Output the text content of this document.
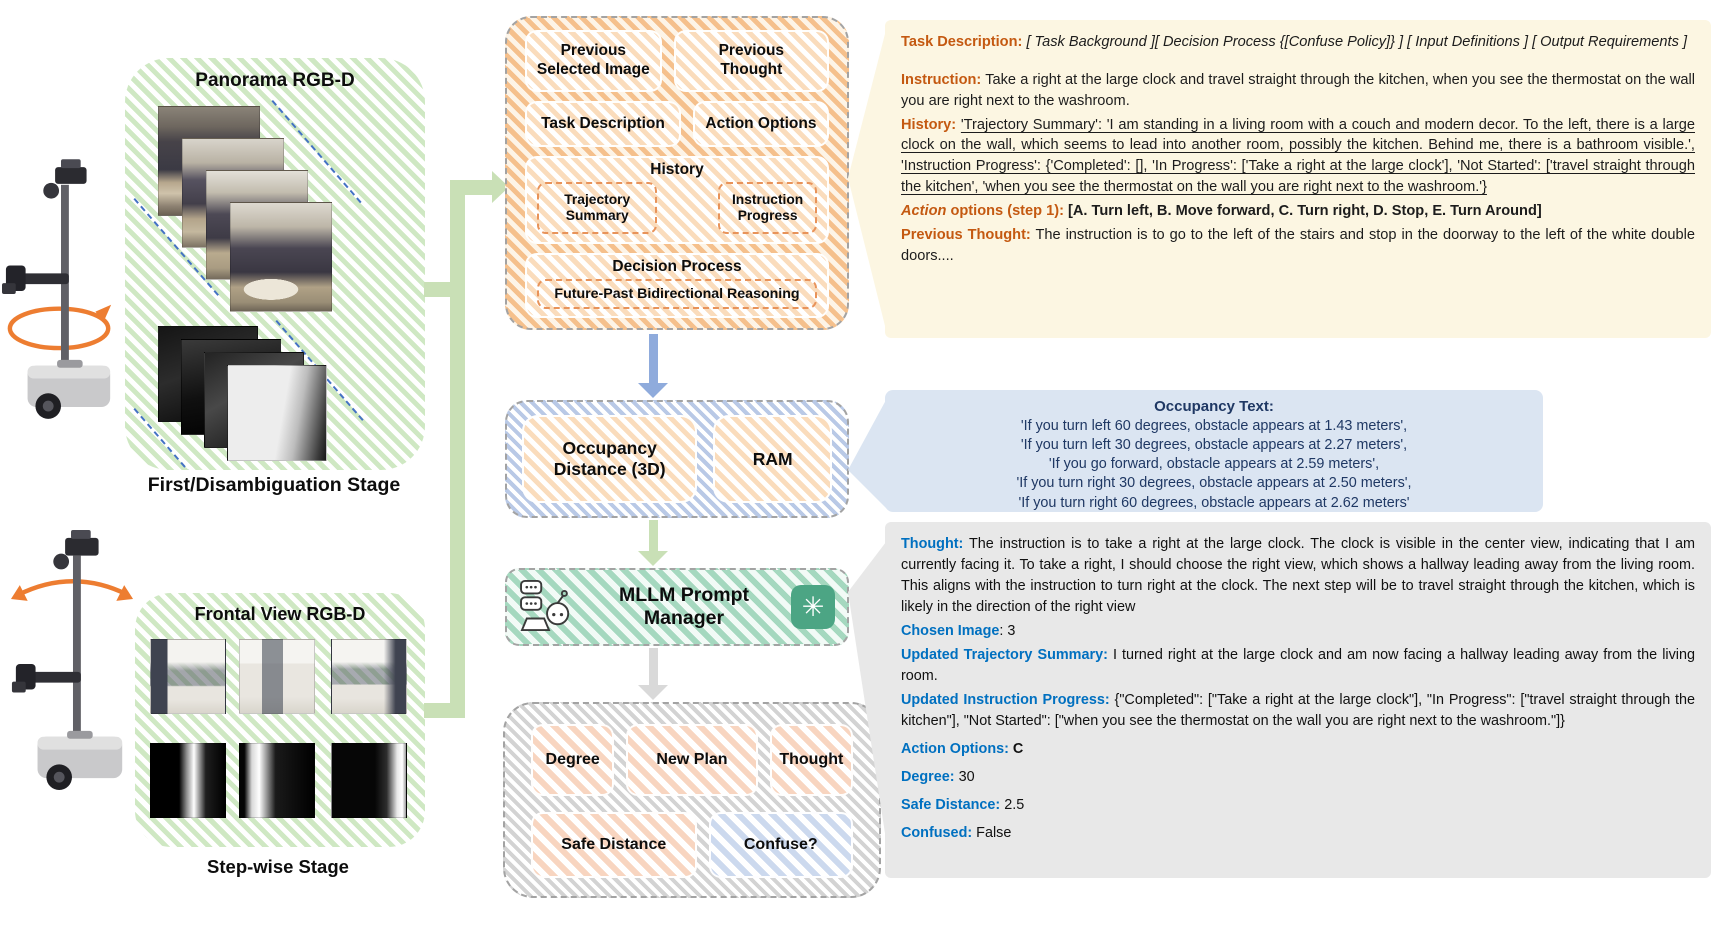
Panorama RGB-D
First/Disambiguation Stage
Frontal View RGB-D
Step-wise Stage
Previous Selected Image
Previous Thought
Task Description	Action Options
History
Trajectory Summary
Instruction Progress
Decision Process
Future-Past Bidirectional Reasoning
Occupancy Distance (3D)
RAM
MLLM Prompt Manager	✳
Degree	New Plan	Thought
Safe Distance	Confuse?

Task Description: [ Task Background ][ Decision Process {[Confuse Policy]} ] [ Input Definitions ] [ Output Requirements ]

Instruction: Take a right at the large clock and travel straight through the kitchen, when you see the thermostat on the wall you are right next to the washroom.

History: 'Trajectory Summary': 'I am standing in a living room with a couch and modern decor. To the left, there is a large clock on the wall, which seems to lead into another room, possibly the kitchen. Behind me, there is a bathroom visible.', 'Instruction Progress': {'Completed': [], 'In Progress': ['Take a right at the large clock'], 'Not Started': ['travel straight through the kitchen', 'when you see the thermostat on the wall you are right next to the washroom.'}

Action options (step 1): [A. Turn left, B. Move forward, C. Turn right, D. Stop, E. Turn Around]

Previous Thought: The instruction is to go to the left of the stairs and stop in the doorway to the left of the white double doors....

Occupancy Text:
'If you turn left 60 degrees, obstacle appears at 1.43 meters',
'If you turn left 30 degrees, obstacle appears at 2.27 meters',
'If you go forward, obstacle appears at 2.59 meters',
'If you turn right 30 degrees, obstacle appears at 2.50 meters',
'If you turn right 60 degrees, obstacle appears at 2.62 meters'

Thought: The instruction is to take a right at the large clock. The clock is visible in the center view, indicating that I am currently facing it. To take a right, I should choose the right view, which shows a hallway leading away from the living room. This aligns with the instruction to turn right at the clock. The next step will be to travel straight through the kitchen, which is likely in the direction of the right view

Chosen Image: 3

Updated Trajectory Summary: I turned right at the large clock and am now facing a hallway leading away from the living room.

Updated Instruction Progress: {"Completed": ["Take a right at the large clock"], "In Progress": ["travel straight through the kitchen"], "Not Started": ["when you see the thermostat on the wall you are right next to the washroom."]}

Action Options: C

Degree: 30

Safe Distance: 2.5

Confused: False
